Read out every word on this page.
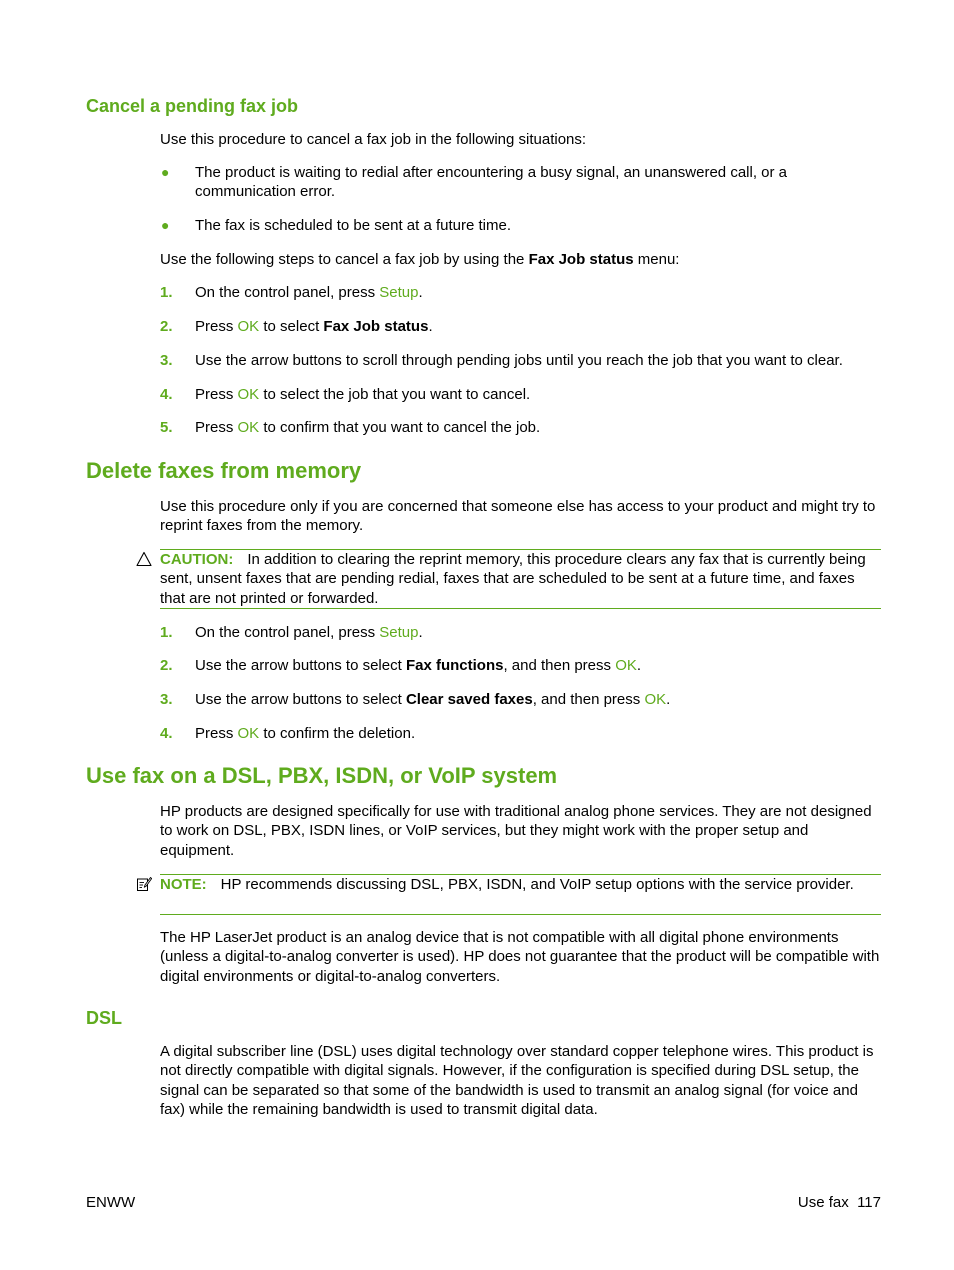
Cancel a pending fax job
Use this procedure to cancel a fax job in the following situations:
● The product is waiting to redial after encountering a busy signal, an unanswered call, or a communication error.
● The fax is scheduled to be sent at a future time.
Use the following steps to cancel a fax job by using the Fax Job status menu:
1. On the control panel, press Setup.
2. Press OK to select Fax Job status.
3. Use the arrow buttons to scroll through pending jobs until you reach the job that you want to clear.
4. Press OK to select the job that you want to cancel.
5. Press OK to confirm that you want to cancel the job.
Delete faxes from memory
Use this procedure only if you are concerned that someone else has access to your product and might try to reprint faxes from the memory.
CAUTION: In addition to clearing the reprint memory, this procedure clears any fax that is currently being sent, unsent faxes that are pending redial, faxes that are scheduled to be sent at a future time, and faxes that are not printed or forwarded.
1. On the control panel, press Setup.
2. Use the arrow buttons to select Fax functions, and then press OK.
3. Use the arrow buttons to select Clear saved faxes, and then press OK.
4. Press OK to confirm the deletion.
Use fax on a DSL, PBX, ISDN, or VoIP system
HP products are designed specifically for use with traditional analog phone services. They are not designed to work on DSL, PBX, ISDN lines, or VoIP services, but they might work with the proper setup and equipment.
NOTE: HP recommends discussing DSL, PBX, ISDN, and VoIP setup options with the service provider.
The HP LaserJet product is an analog device that is not compatible with all digital phone environments (unless a digital-to-analog converter is used). HP does not guarantee that the product will be compatible with digital environments or digital-to-analog converters.
DSL
A digital subscriber line (DSL) uses digital technology over standard copper telephone wires. This product is not directly compatible with digital signals. However, if the configuration is specified during DSL setup, the signal can be separated so that some of the bandwidth is used to transmit an analog signal (for voice and fax) while the remaining bandwidth is used to transmit digital data.
ENWW	Use fax 117
